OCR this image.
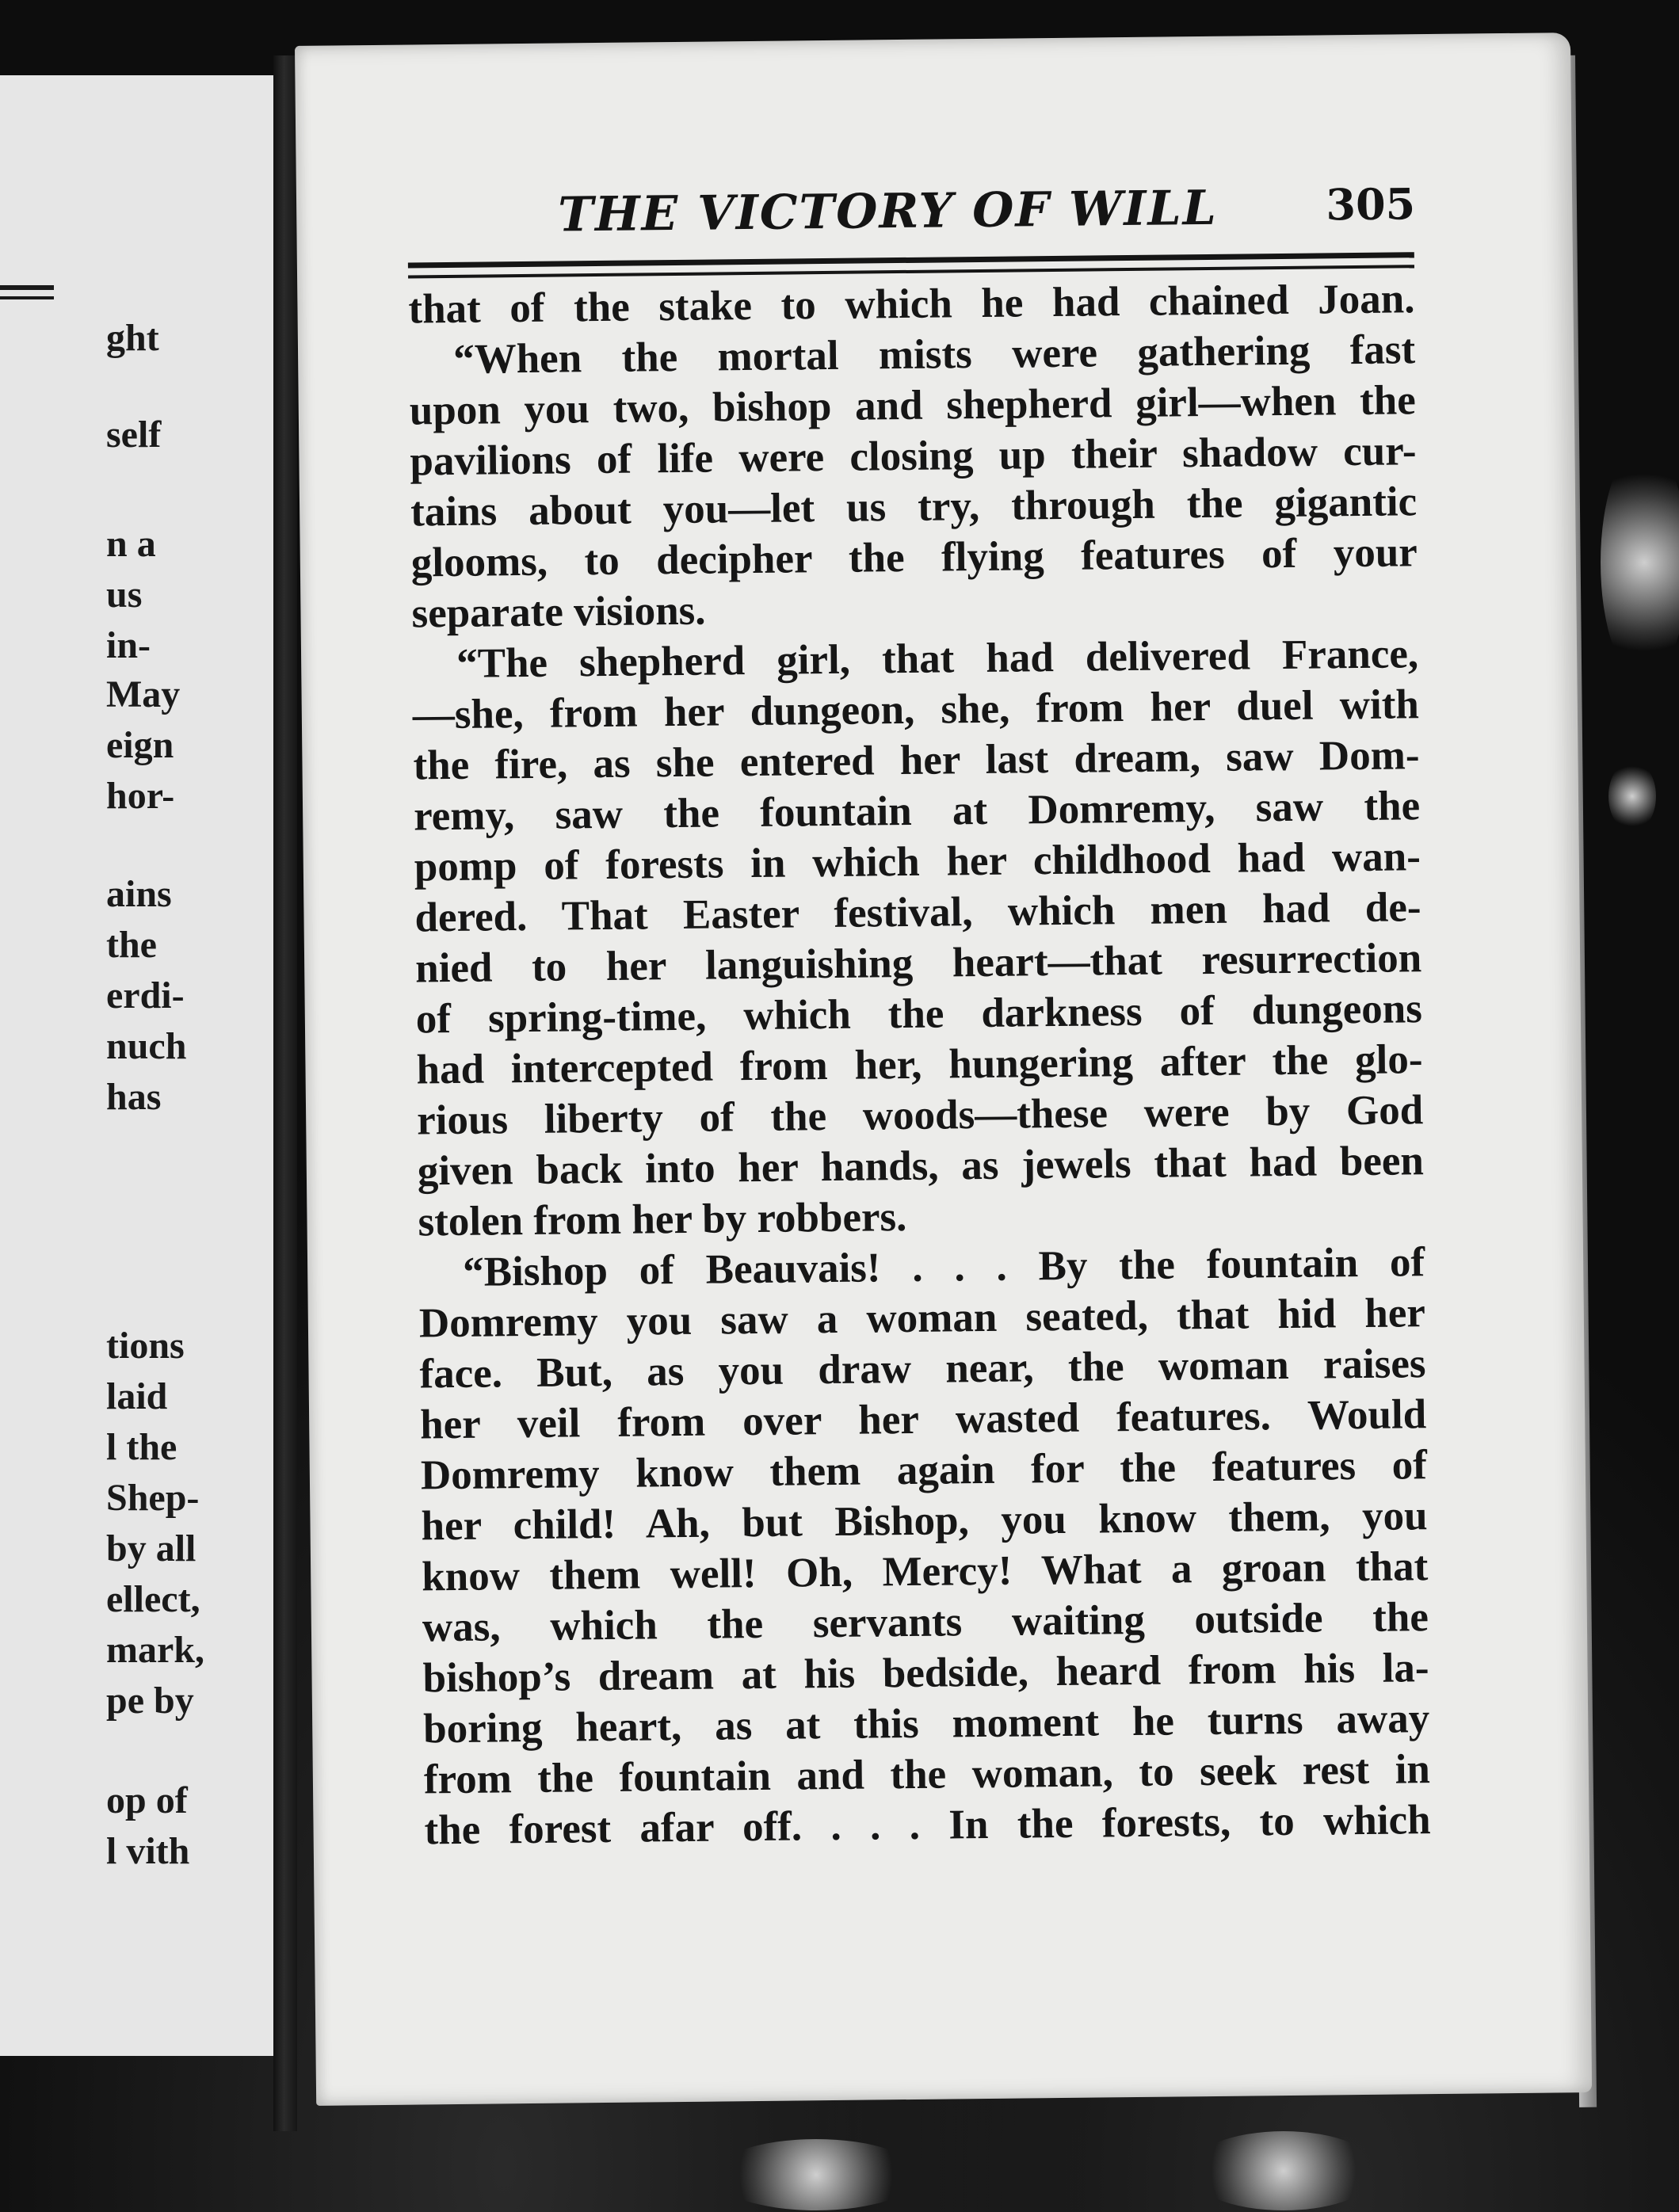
ght

self

n a

us

in-

May

eign

hor-

ains

the

erdi-

nuch

has

tions

laid

l the

Shep-

by all

ellect,

mark,

pe by

op of

l vith

THE VICTORY OF WILL	305
that of the stake to which he had chained Joan.
“When the mortal mists were gathering fast
upon you two, bishop and shepherd girl—when the
pavilions of life were closing up their shadow cur-
tains about you—let us try, through the gigantic
glooms, to decipher the flying features of your
separate visions.
“The shepherd girl, that had delivered France,
—she, from her dungeon, she, from her duel with
the fire, as she entered her last dream, saw Dom-
remy, saw the fountain at Domremy, saw the
pomp of forests in which her childhood had wan-
dered. That Easter festival, which men had de-
nied to her languishing heart—that resurrection
of spring-time, which the darkness of dungeons
had intercepted from her, hungering after the glo-
rious liberty of the woods—these were by God
given back into her hands, as jewels that had been
stolen from her by robbers.
“Bishop of Beauvais! . . . By the fountain of
Domremy you saw a woman seated, that hid her
face. But, as you draw near, the woman raises
her veil from over her wasted features. Would
Domremy know them again for the features of
her child! Ah, but Bishop, you know them, you
know them well! Oh, Mercy! What a groan that
was, which the servants waiting outside the
bishop’s dream at his bedside, heard from his la-
boring heart, as at this moment he turns away
from the fountain and the woman, to seek rest in
the forest afar off. . . . In the forests, to which
